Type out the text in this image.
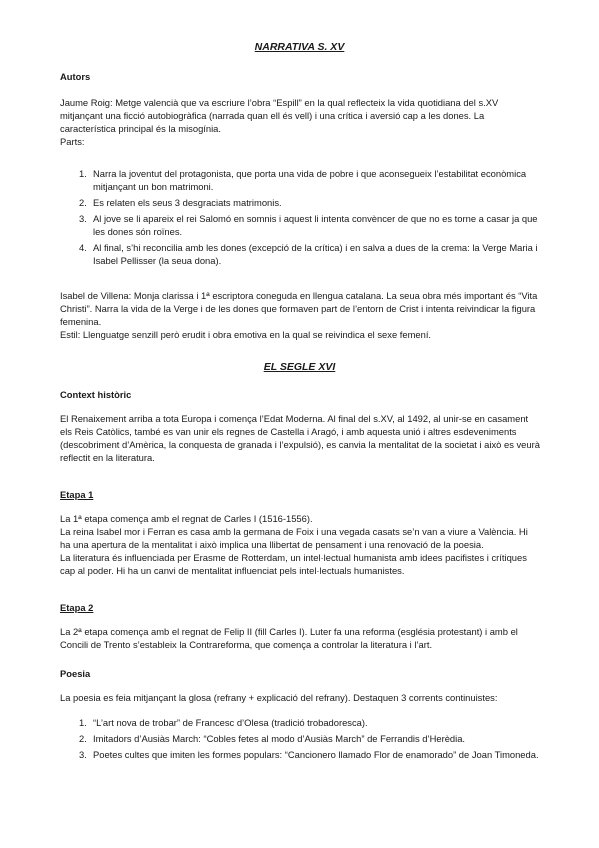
NARRATIVA S. XV
Autors

Jaume Roig: Metge valencià que va escriure l’obra “Espill” en la qual reflecteix la vida quotidiana del s.XV mitjançant una ficció autobiogràfica (narrada quan ell és vell) i una crítica i aversió cap a les dones. La característica principal és la misogínia.

Parts:

1. Narra la joventut del protagonista, que porta una vida de pobre i que aconsegueix l’estabilitat econòmica mitjançant un bon matrimoni.
2. Es relaten els seus 3 desgraciats matrimonis.
3. Al jove se li apareix el rei Salomó en somnis i aquest li intenta convèncer de que no es torne a casar ja que les dones són roïnes.
4. Al final, s’hi reconcilia amb les dones (excepció de la crítica) i en salva a dues de la crema: la Verge Maria i Isabel Pellisser (la seua dona).

Isabel de Villena: Monja clarissa i 1ª escriptora coneguda en llengua catalana. La seua obra més important és “Vita Christi”. Narra la vida de la Verge i de les dones que formaven part de l’entorn de Crist i intenta reivindicar la figura femenina.

Estil: Llenguatge senzill però erudit i obra emotiva en la qual se reivindica el sexe femení.

EL SEGLE XVI
Context històric

El Renaixement arriba a tota Europa i comença l’Edat Moderna. Al final del s.XV, al 1492, al unir-se en casament els Reis Catòlics, també es van unir els regnes de Castella i Aragó, i amb aquesta unió i altres esdeveniments (descobriment d’Amèrica, la conquesta de granada i l’expulsió), es canvia la mentalitat de la societat i això es veurà reflectit en la literatura.

Etapa 1

La 1ª etapa comença amb el regnat de Carles I (1516-1556).

La reina Isabel mor i Ferran es casa amb la germana de Foix i una vegada casats se’n van a viure a València. Hi ha una apertura de la mentalitat i això implica una llibertat de pensament i una renovació de la poesia.

La literatura és influenciada per Erasme de Rotterdam, un intel·lectual humanista amb idees pacifistes i crítiques cap al poder. Hi ha un canvi de mentalitat influenciat pels intel·lectuals humanistes.

Etapa 2

La 2ª etapa comença amb el regnat de Felip II (fill Carles I). Luter fa una reforma (església protestant) i amb el Concili de Trento s’estableix la Contrareforma, que comença a controlar la literatura i l’art.

Poesia

La poesia es feia mitjançant la glosa (refrany + explicació del refrany). Destaquen 3 corrents continuistes:

1. “L’art nova de trobar” de Francesc d’Olesa (tradició trobadoresca).
2. Imitadors d’Ausiàs March: “Cobles fetes al modo d’Ausiàs March” de Ferrandis d’Herèdia.
3. Poetes cultes que imiten les formes populars: “Cancionero llamado Flor de enamorado” de Joan Timoneda.
